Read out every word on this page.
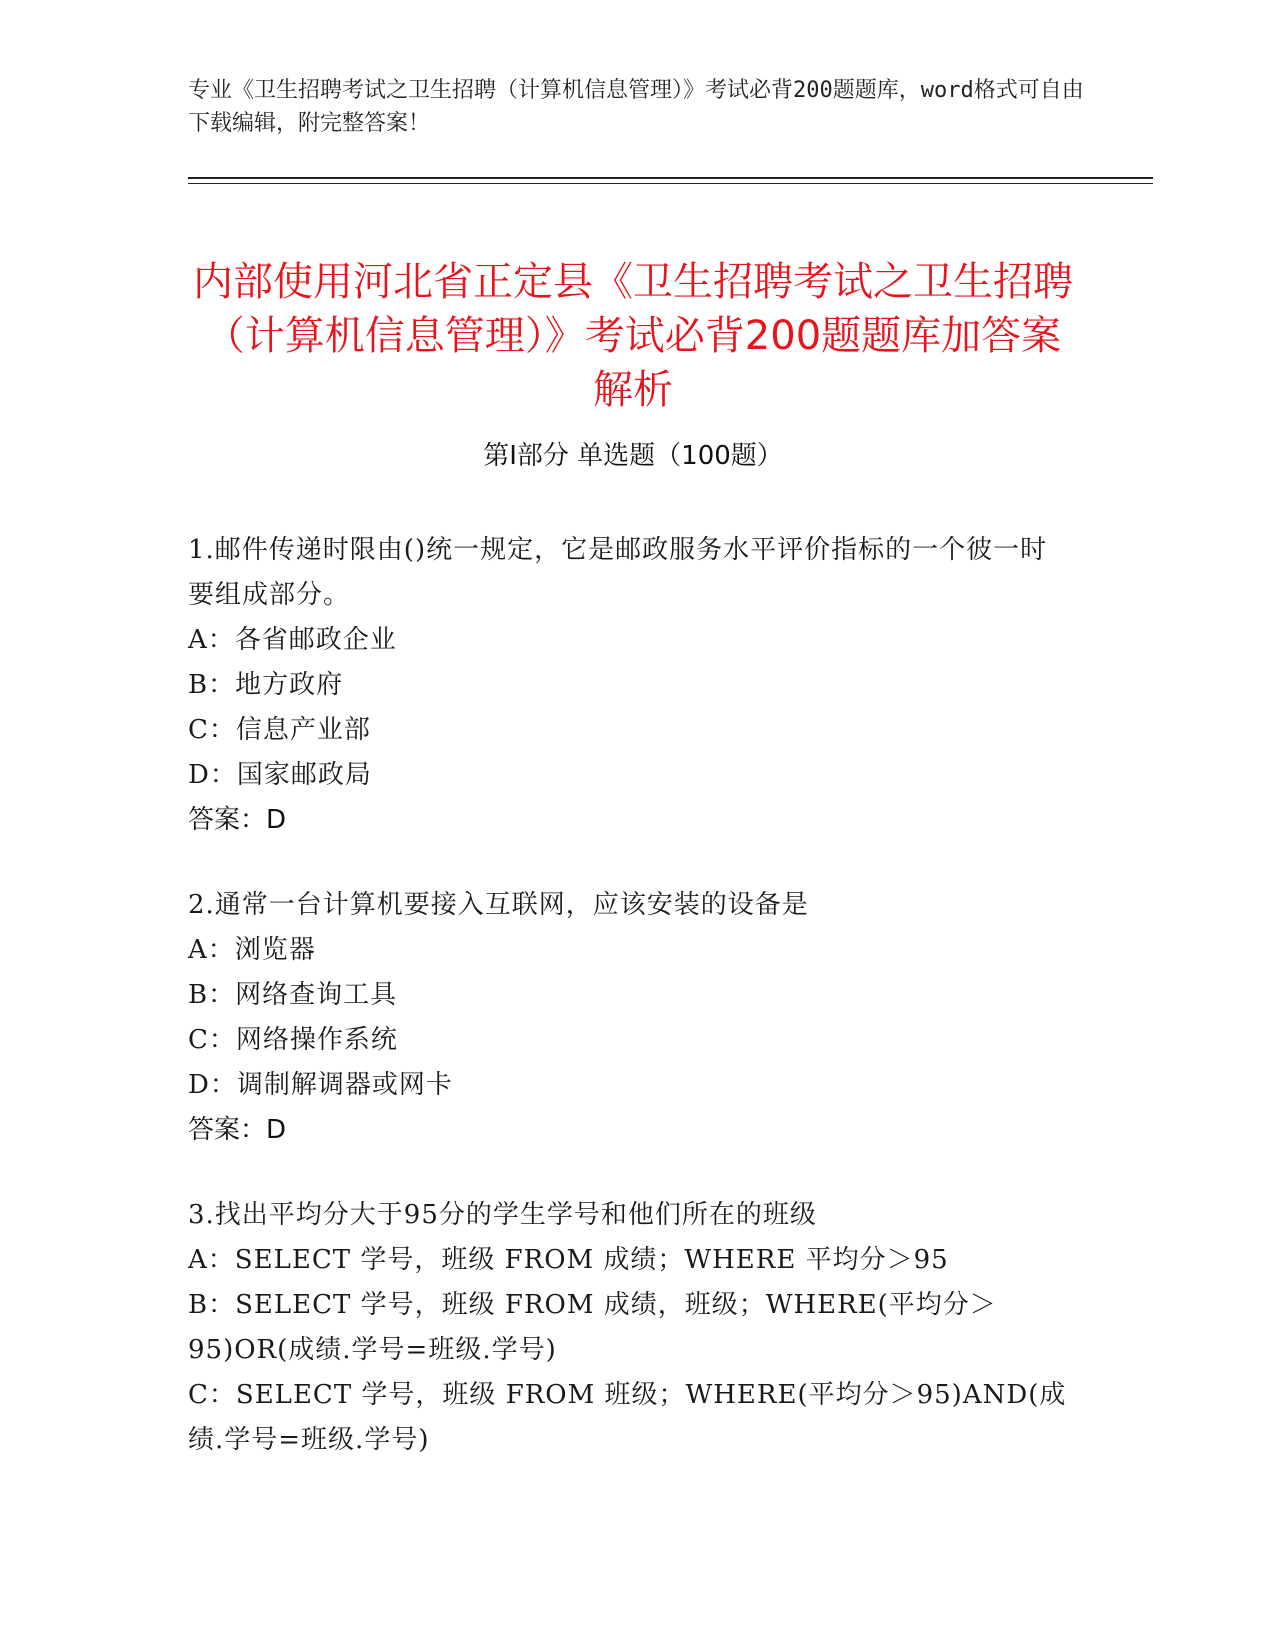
专业《卫生招聘考试之卫生招聘（计算机信息管理）》考试必背200题题库，word格式可自由下载编辑，附完整答案！
内部使用河北省正定县《卫生招聘考试之卫生招聘（计算机信息管理）》考试必背200题题库加答案解析
第Ⅰ部分 单选题（100题）
1.邮件传递时限由()统一规定，它是邮政服务水平评价指标的一个彼一时要组成部分。
A：各省邮政企业
B：地方政府
C：信息产业部
D：国家邮政局
答案：D
2.通常一台计算机要接入互联网，应该安装的设备是
A：浏览器
B：网络查询工具
C：网络操作系统
D：调制解调器或网卡
答案：D
3.找出平均分大于95分的学生学号和他们所在的班级
A：SELECT 学号，班级 FROM 成绩；WHERE 平均分＞95
B：SELECT 学号，班级 FROM 成绩，班级；WHERE(平均分＞95)OR(成绩.学号=班级.学号)
C：SELECT 学号，班级 FROM 班级；WHERE(平均分＞95)AND(成绩.学号=班级.学号)
